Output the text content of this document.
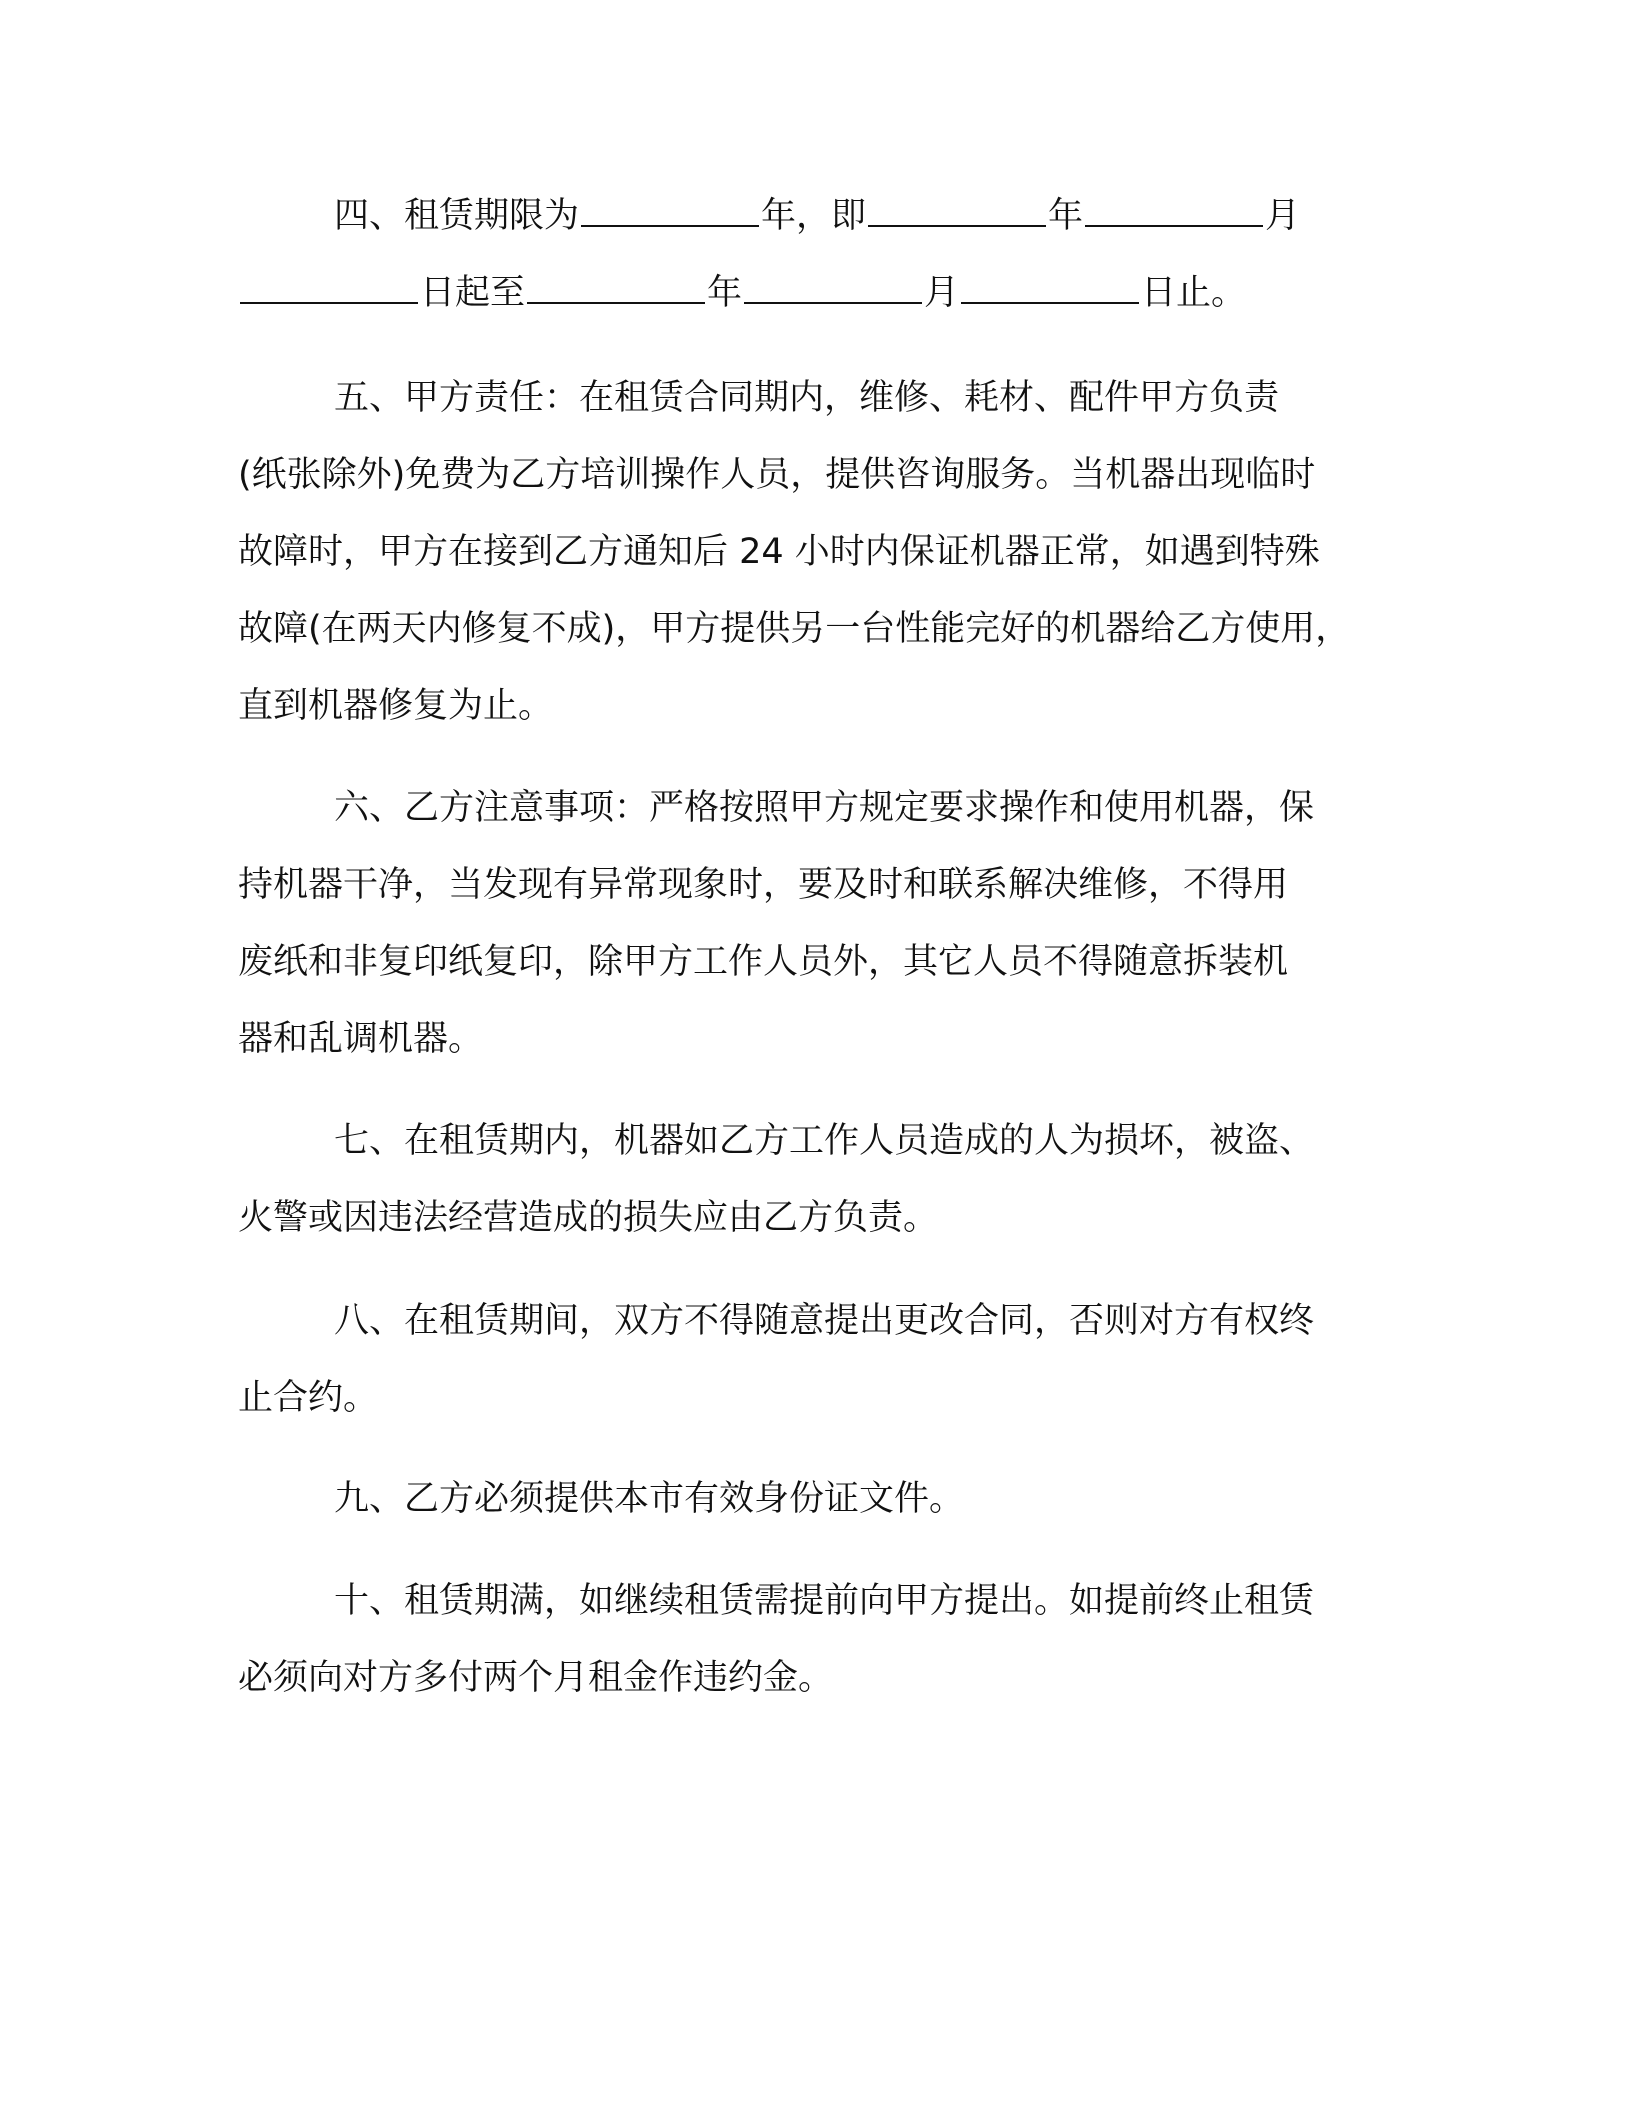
四、租赁期限为	年，即	年	月
日起至	年	月	日止。
五、甲方责任：在租赁合同期内，维修、耗材、配件甲方负责
(纸张除外)免费为乙方培训操作人员，提供咨询服务。当机器出现临时
故障时，甲方在接到乙方通知后 24 小时内保证机器正常，如遇到特殊
故障(在两天内修复不成)，甲方提供另一台性能完好的机器给乙方使用，
直到机器修复为止。
六、乙方注意事项：严格按照甲方规定要求操作和使用机器，保
持机器干净，当发现有异常现象时，要及时和联系解决维修，不得用
废纸和非复印纸复印，除甲方工作人员外，其它人员不得随意拆装机
器和乱调机器。
七、在租赁期内，机器如乙方工作人员造成的人为损坏，被盗、
火警或因违法经营造成的损失应由乙方负责。
八、在租赁期间，双方不得随意提出更改合同，否则对方有权终
止合约。
九、乙方必须提供本市有效身份证文件。
十、租赁期满，如继续租赁需提前向甲方提出。如提前终止租赁
必须向对方多付两个月租金作违约金。
